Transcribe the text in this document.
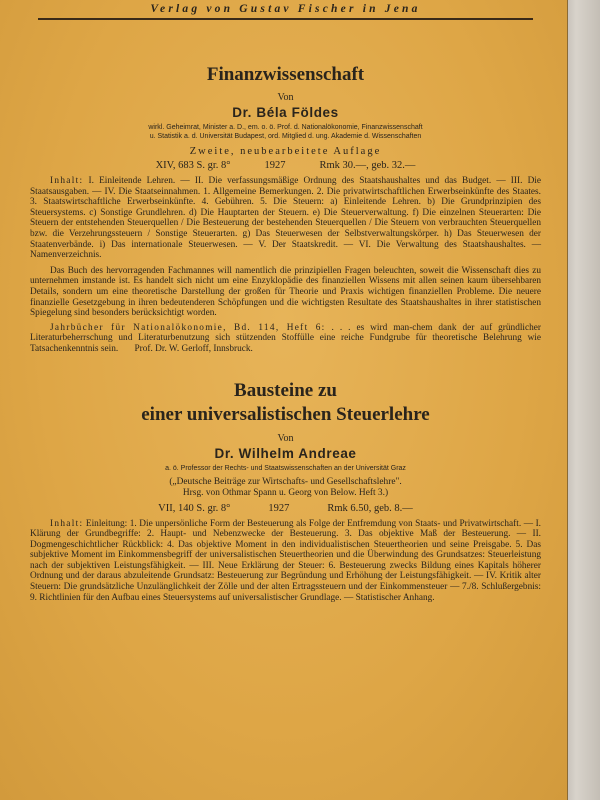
Verlag von Gustav Fischer in Jena
Finanzwissenschaft
Von
Dr. Béla Földes
wirkl. Geheimrat, Minister a. D., em. o. ö. Prof. d. Nationalökonomie, Finanzwissenschaft
u. Statistik a. d. Universität Budapest, ord. Mitglied d. ung. Akademie d. Wissenschaften
Zweite, neubearbeitete Auflage
XIV, 683 S. gr. 8°	1927	Rmk 30.—, geb. 32.—

Inhalt: I. Einleitende Lehren. — II. Die verfassungsmäßige Ordnung des Staatshaushaltes und das Budget. — III. Die Staatsausgaben. — IV. Die Staatseinnahmen. 1. Allgemeine Bemerkungen. 2. Die privatwirtschaftlichen Erwerbseinkünfte des Staates. 3. Staatswirtschaftliche Erwerbseinkünfte. 4. Gebühren. 5. Die Steuern: a) Einleitende Lehren. b) Die Grundprinzipien des Steuersystems. c) Sonstige Grundlehren. d) Die Hauptarten der Steuern. e) Die Steuerverwaltung. f) Die einzelnen Steuerarten: Die Steuern der entstehenden Steuerquellen / Die Besteuerung der bestehenden Steuerquellen / Die Steuern von verbrauchten Steuerquellen bzw. die Verzehrungssteuern / Sonstige Steuerarten. g) Das Steuerwesen der Selbstverwaltungskörper. h) Das Steuerwesen der Staatenverbände. i) Das internationale Steuerwesen. — V. Der Staatskredit. — VI. Die Verwaltung des Staatshaushaltes. — Namenverzeichnis.

Das Buch des hervorragenden Fachmannes will namentlich die prinzipiellen Fragen beleuchten, soweit die Wissenschaft dies zu unternehmen imstande ist. Es handelt sich nicht um eine Enzyklopädie des finanziellen Wissens mit allen seinen kaum übersehbaren Details, sondern um eine theoretische Darstellung der großen für Theorie und Praxis wichtigen finanziellen Probleme. Die neuere finanzielle Gesetzgebung in ihren bedeutenderen Schöpfungen und die wichtigsten Resultate des Staatshaushaltes in ihrer statistischen Spiegelung sind besonders berücksichtigt worden.

Jahrbücher für Nationalökonomie, Bd. 114, Heft 6: . . . es wird man-chem dank der auf gründlicher Literaturbeherrschung und Literaturbenutzung sich stützenden Stoffülle eine reiche Fundgrube für theoretische Belehrung wie Tatsachenkenntnis sein. Prof. Dr. W. Gerloff, Innsbruck.

Bausteine zu
einer universalistischen Steuerlehre
Von
Dr. Wilhelm Andreae
a. ö. Professor der Rechts- und Staatswissenschaften an der Universität Graz
(„Deutsche Beiträge zur Wirtschafts- und Gesellschaftslehre".
Hrsg. von Othmar Spann u. Georg von Below. Heft 3.)
VII, 140 S. gr. 8°	1927	Rmk 6.50, geb. 8.—

Inhalt: Einleitung: 1. Die unpersönliche Form der Besteuerung als Folge der Entfremdung von Staats- und Privatwirtschaft. — I. Klärung der Grundbegriffe: 2. Haupt- und Nebenzwecke der Besteuerung. 3. Das objektive Maß der Besteuerung. — II. Dogmengeschichtlicher Rückblick: 4. Das objektive Moment in den individualistischen Steuertheorien und seine Preisgabe. 5. Das subjektive Moment im Einkommensbegriff der universalistischen Steuertheorien und die Überwindung des Grundsatzes: Steuerleistung nach der subjektiven Leistungsfähigkeit. — III. Neue Erklärung der Steuer: 6. Besteuerung zwecks Bildung eines Kapitals höherer Ordnung und der daraus abzuleitende Grundsatz: Besteuerung zur Begründung und Erhöhung der Leistungsfähigkeit. — IV. Kritik alter Steuern: Die grundsätzliche Unzulänglichkeit der Zölle und der alten Ertragssteuern und der Einkommensteuer — 7./8. Schlußergebnis: 9. Richtlinien für den Aufbau eines Steuersystems auf universalistischer Grundlage. — Statistischer Anhang.
